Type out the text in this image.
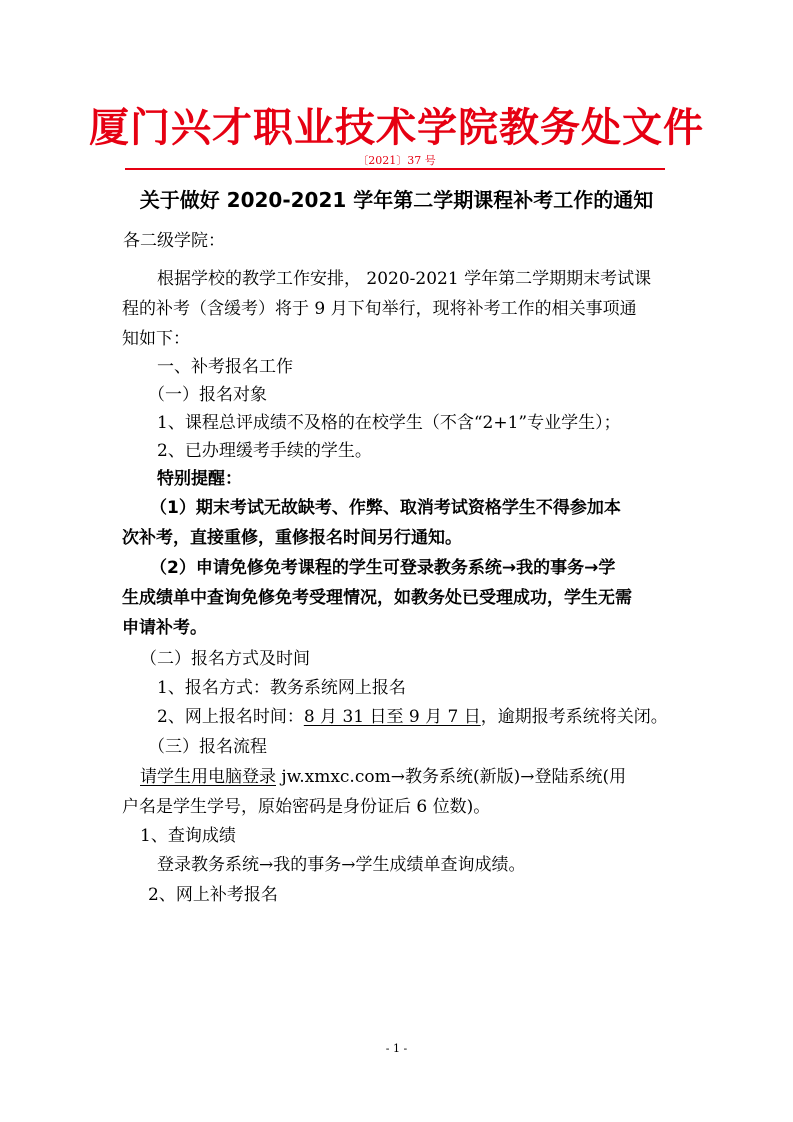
厦门兴才职业技术学院教务处文件
〔2021〕37 号
关于做好 2020-2021 学年第二学期课程补考工作的通知
各二级学院：
根据学校的教学工作安排， 2020-2021 学年第二学期期末考试课
程的补考（含缓考）将于 9 月下旬举行，现将补考工作的相关事项通
知如下：
一、补考报名工作
（一）报名对象
1、课程总评成绩不及格的在校学生（不含“2+1”专业学生）；
2、已办理缓考手续的学生。
特别提醒：
（1）期末考试无故缺考、作弊、取消考试资格学生不得参加本
次补考，直接重修，重修报名时间另行通知。
（2）申请免修免考课程的学生可登录教务系统→我的事务→学
生成绩单中查询免修免考受理情况，如教务处已受理成功，学生无需
申请补考。
（二）报名方式及时间
1、报名方式：教务系统网上报名
2、网上报名时间：8 月 31 日至 9 月 7 日，逾期报考系统将关闭。
（三）报名流程
请学生用电脑登录 jw.xmxc.com→教务系统(新版)→登陆系统(用
户名是学生学号，原始密码是身份证后 6 位数)。
1、查询成绩
登录教务系统→我的事务→学生成绩单查询成绩。
2、网上补考报名
- 1 -
